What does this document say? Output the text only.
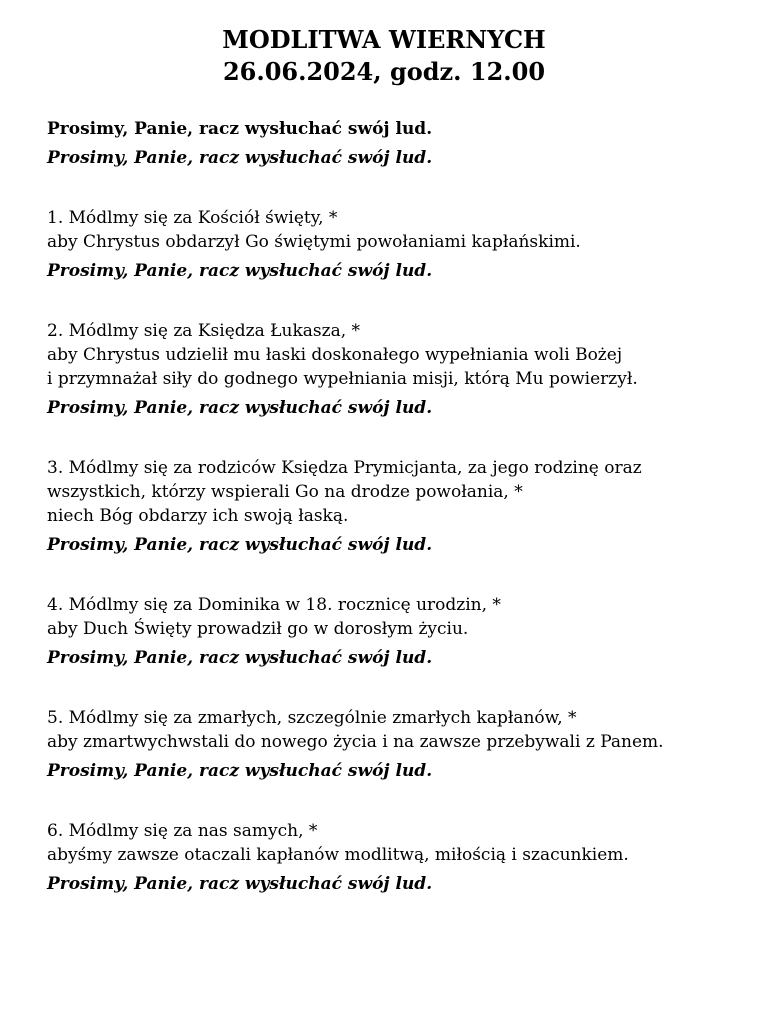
MODLITWA WIERNYCH
26.06.2024, godz. 12.00

Prosimy, Panie, racz wysłuchać swój lud.

Prosimy, Panie, racz wysłuchać swój lud.

1. Módlmy się za Kościół święty, *

aby Chrystus obdarzył Go świętymi powołaniami kapłańskimi.

Prosimy, Panie, racz wysłuchać swój lud.

2. Módlmy się za Księdza Łukasza, *

aby Chrystus udzielił mu łaski doskonałego wypełniania woli Bożej

i przymnażał siły do godnego wypełniania misji, którą Mu powierzył.

Prosimy, Panie, racz wysłuchać swój lud.

3. Módlmy się za rodziców Księdza Prymicjanta, za jego rodzinę oraz

wszystkich, którzy wspierali Go na drodze powołania, *

niech Bóg obdarzy ich swoją łaską.

Prosimy, Panie, racz wysłuchać swój lud.

4. Módlmy się za Dominika w 18. rocznicę urodzin, *

aby Duch Święty prowadził go w dorosłym życiu.

Prosimy, Panie, racz wysłuchać swój lud.

5. Módlmy się za zmarłych, szczególnie zmarłych kapłanów, *

aby zmartwychwstali do nowego życia i na zawsze przebywali z Panem.

Prosimy, Panie, racz wysłuchać swój lud.

6. Módlmy się za nas samych, *

abyśmy zawsze otaczali kapłanów modlitwą, miłością i szacunkiem.

Prosimy, Panie, racz wysłuchać swój lud.
